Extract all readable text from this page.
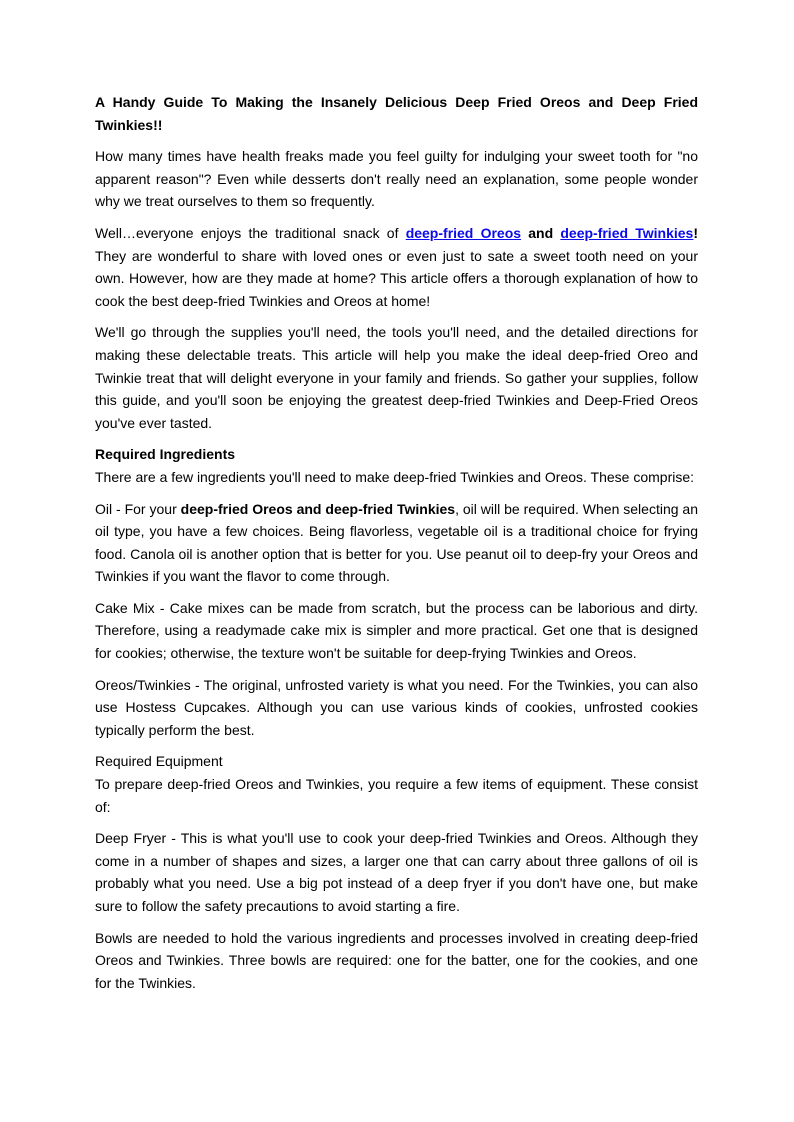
A Handy Guide To Making the Insanely Delicious Deep Fried Oreos and Deep Fried Twinkies!!

How many times have health freaks made you feel guilty for indulging your sweet tooth for "no apparent reason"? Even while desserts don't really need an explanation, some people wonder why we treat ourselves to them so frequently.

Well…everyone enjoys the traditional snack of deep-fried Oreos and deep-fried Twinkies! They are wonderful to share with loved ones or even just to sate a sweet tooth need on your own. However, how are they made at home? This article offers a thorough explanation of how to cook the best deep-fried Twinkies and Oreos at home!

We'll go through the supplies you'll need, the tools you'll need, and the detailed directions for making these delectable treats. This article will help you make the ideal deep-fried Oreo and Twinkie treat that will delight everyone in your family and friends. So gather your supplies, follow this guide, and you'll soon be enjoying the greatest deep-fried Twinkies and Deep-Fried Oreos you've ever tasted.

Required Ingredients

There are a few ingredients you'll need to make deep-fried Twinkies and Oreos. These comprise:

Oil - For your deep-fried Oreos and deep-fried Twinkies, oil will be required. When selecting an oil type, you have a few choices. Being flavorless, vegetable oil is a traditional choice for frying food. Canola oil is another option that is better for you. Use peanut oil to deep-fry your Oreos and Twinkies if you want the flavor to come through.

Cake Mix - Cake mixes can be made from scratch, but the process can be laborious and dirty. Therefore, using a readymade cake mix is simpler and more practical. Get one that is designed for cookies; otherwise, the texture won't be suitable for deep-frying Twinkies and Oreos.

Oreos/Twinkies - The original, unfrosted variety is what you need. For the Twinkies, you can also use Hostess Cupcakes. Although you can use various kinds of cookies, unfrosted cookies typically perform the best.

Required Equipment

To prepare deep-fried Oreos and Twinkies, you require a few items of equipment. These consist of:

Deep Fryer - This is what you'll use to cook your deep-fried Twinkies and Oreos. Although they come in a number of shapes and sizes, a larger one that can carry about three gallons of oil is probably what you need. Use a big pot instead of a deep fryer if you don't have one, but make sure to follow the safety precautions to avoid starting a fire.

Bowls are needed to hold the various ingredients and processes involved in creating deep-fried Oreos and Twinkies. Three bowls are required: one for the batter, one for the cookies, and one for the Twinkies.
